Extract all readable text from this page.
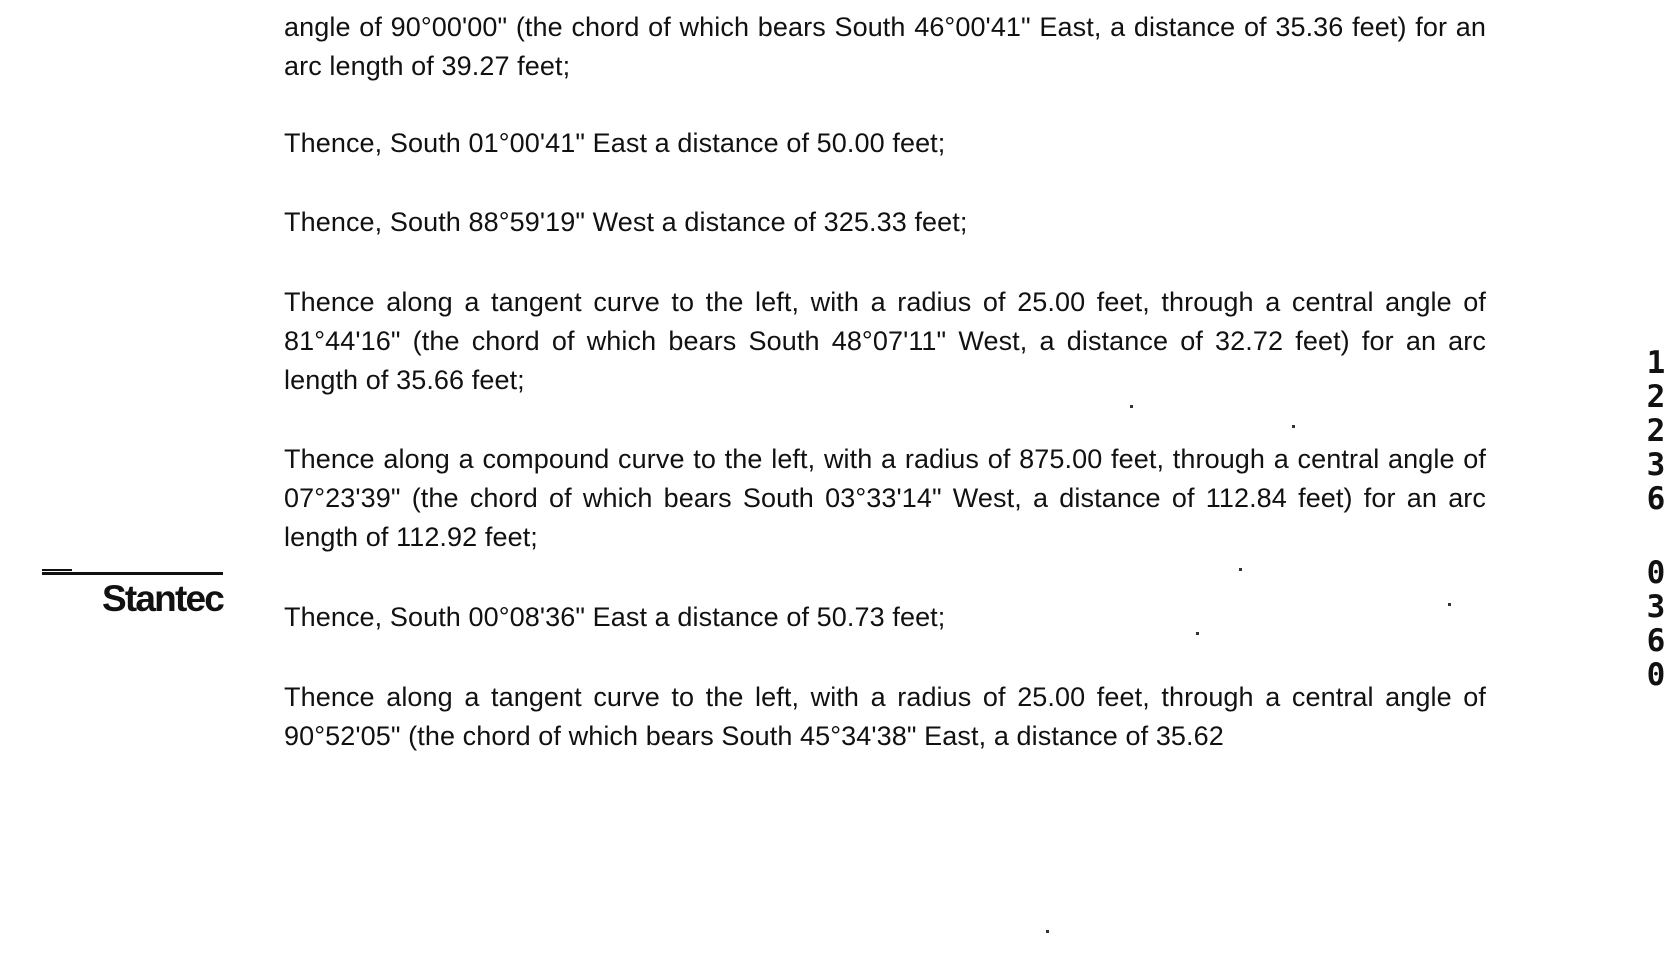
angle of 90°00'00" (the chord of which bears South 46°00'41" East, a distance of 35.36 feet) for an arc length of 39.27 feet;

Thence, South 01°00'41" East a distance of 50.00 feet;

Thence, South 88°59'19" West a distance of 325.33 feet;

Thence along a tangent curve to the left, with a radius of 25.00 feet, through a central angle of 81°44'16" (the chord of which bears South 48°07'11" West, a distance of 32.72 feet) for an arc length of 35.66 feet;

Thence along a compound curve to the left, with a radius of 875.00 feet, through a central angle of 07°23'39" (the chord of which bears South 03°33'14" West, a distance of 112.84 feet) for an arc length of 112.92 feet;

Thence, South 00°08'36" East a distance of 50.73 feet;

Thence along a tangent curve to the left, with a radius of 25.00 feet, through a central angle of 90°52'05" (the chord of which bears South 45°34'38" East, a distance of 35.62

Stantec
1
2
2
3
6
0
3
6
0
